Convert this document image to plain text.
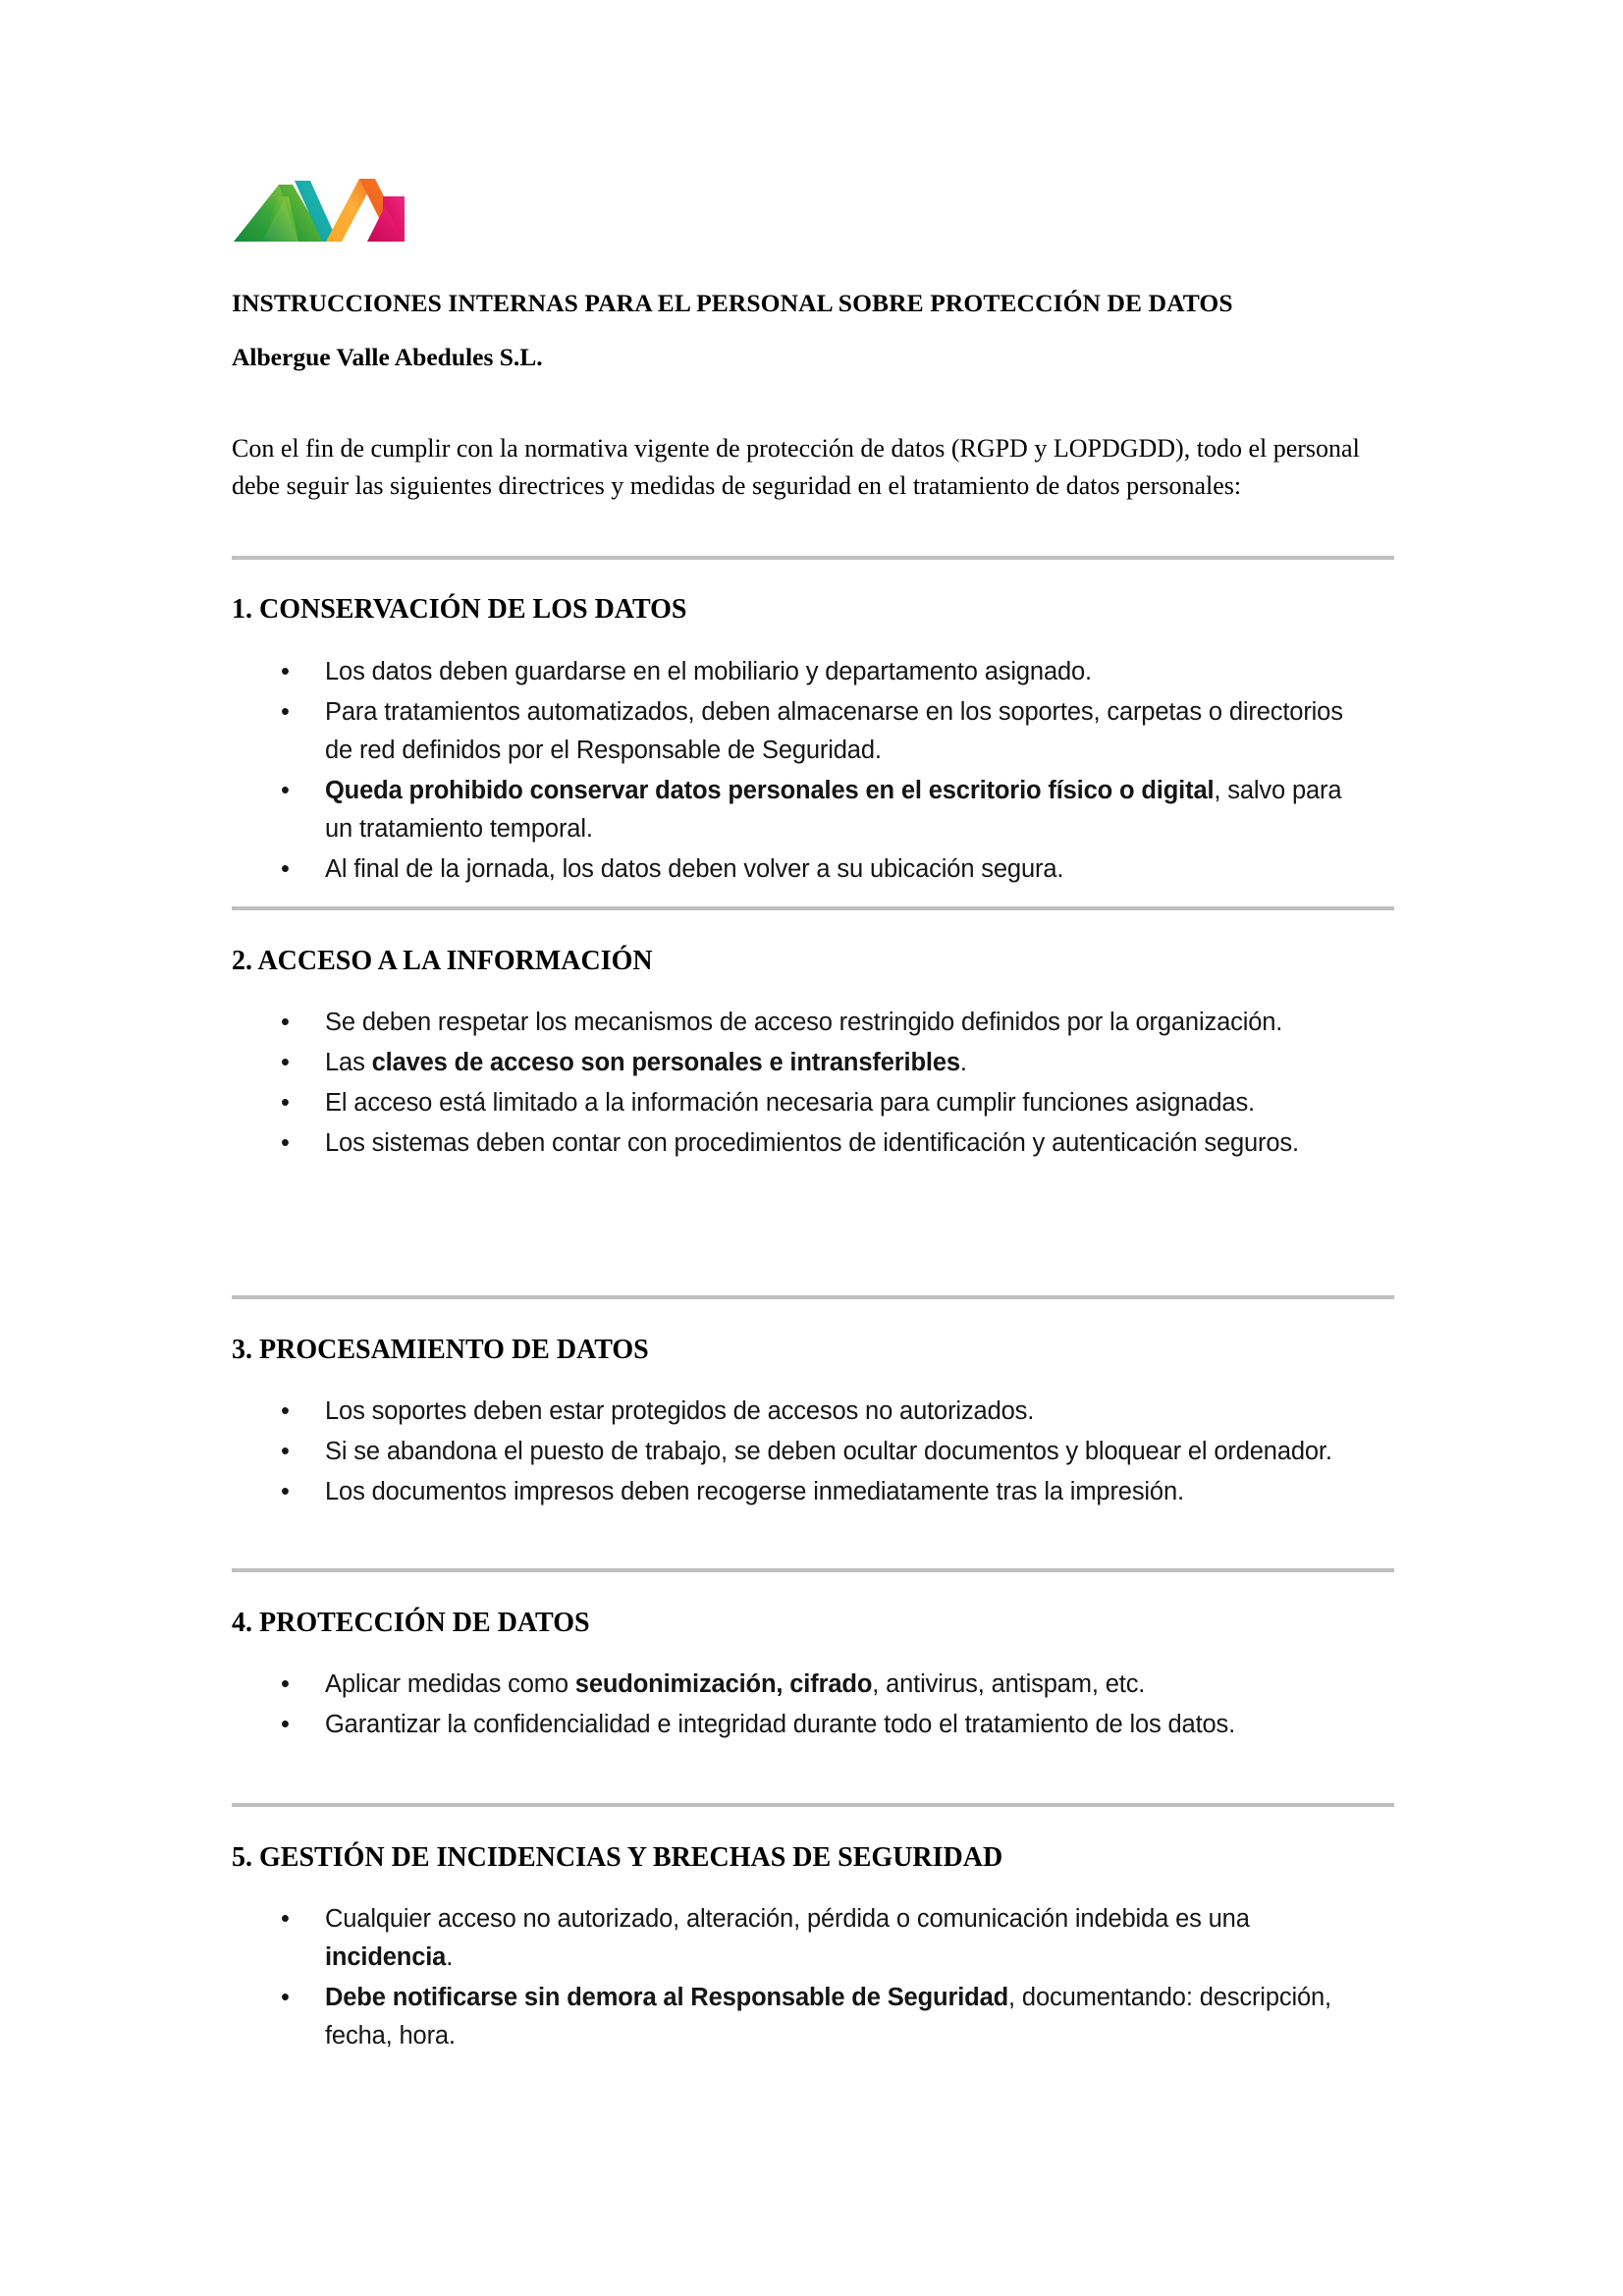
INSTRUCCIONES INTERNAS PARA EL PERSONAL SOBRE PROTECCIÓN DE DATOS
Albergue Valle Abedules S.L.

Con el fin de cumplir con la normativa vigente de protección de datos (RGPD y LOPDGDD), todo el personal debe seguir las siguientes directrices y medidas de seguridad en el tratamiento de datos personales:

1. CONSERVACIÓN DE LOS DATOS
• Los datos deben guardarse en el mobiliario y departamento asignado.
• Para tratamientos automatizados, deben almacenarse en los soportes, carpetas o directorios de red definidos por el Responsable de Seguridad.
• Queda prohibido conservar datos personales en el escritorio físico o digital, salvo para un tratamiento temporal.
• Al final de la jornada, los datos deben volver a su ubicación segura.
2. ACCESO A LA INFORMACIÓN
• Se deben respetar los mecanismos de acceso restringido definidos por la organización.
• Las claves de acceso son personales e intransferibles.
• El acceso está limitado a la información necesaria para cumplir funciones asignadas.
• Los sistemas deben contar con procedimientos de identificación y autenticación seguros.
3. PROCESAMIENTO DE DATOS
• Los soportes deben estar protegidos de accesos no autorizados.
• Si se abandona el puesto de trabajo, se deben ocultar documentos y bloquear el ordenador.
• Los documentos impresos deben recogerse inmediatamente tras la impresión.
4. PROTECCIÓN DE DATOS
• Aplicar medidas como seudonimización, cifrado, antivirus, antispam, etc.
• Garantizar la confidencialidad e integridad durante todo el tratamiento de los datos.
5. GESTIÓN DE INCIDENCIAS Y BRECHAS DE SEGURIDAD
• Cualquier acceso no autorizado, alteración, pérdida o comunicación indebida es una incidencia.
• Debe notificarse sin demora al Responsable de Seguridad, documentando: descripción, fecha, hora.
